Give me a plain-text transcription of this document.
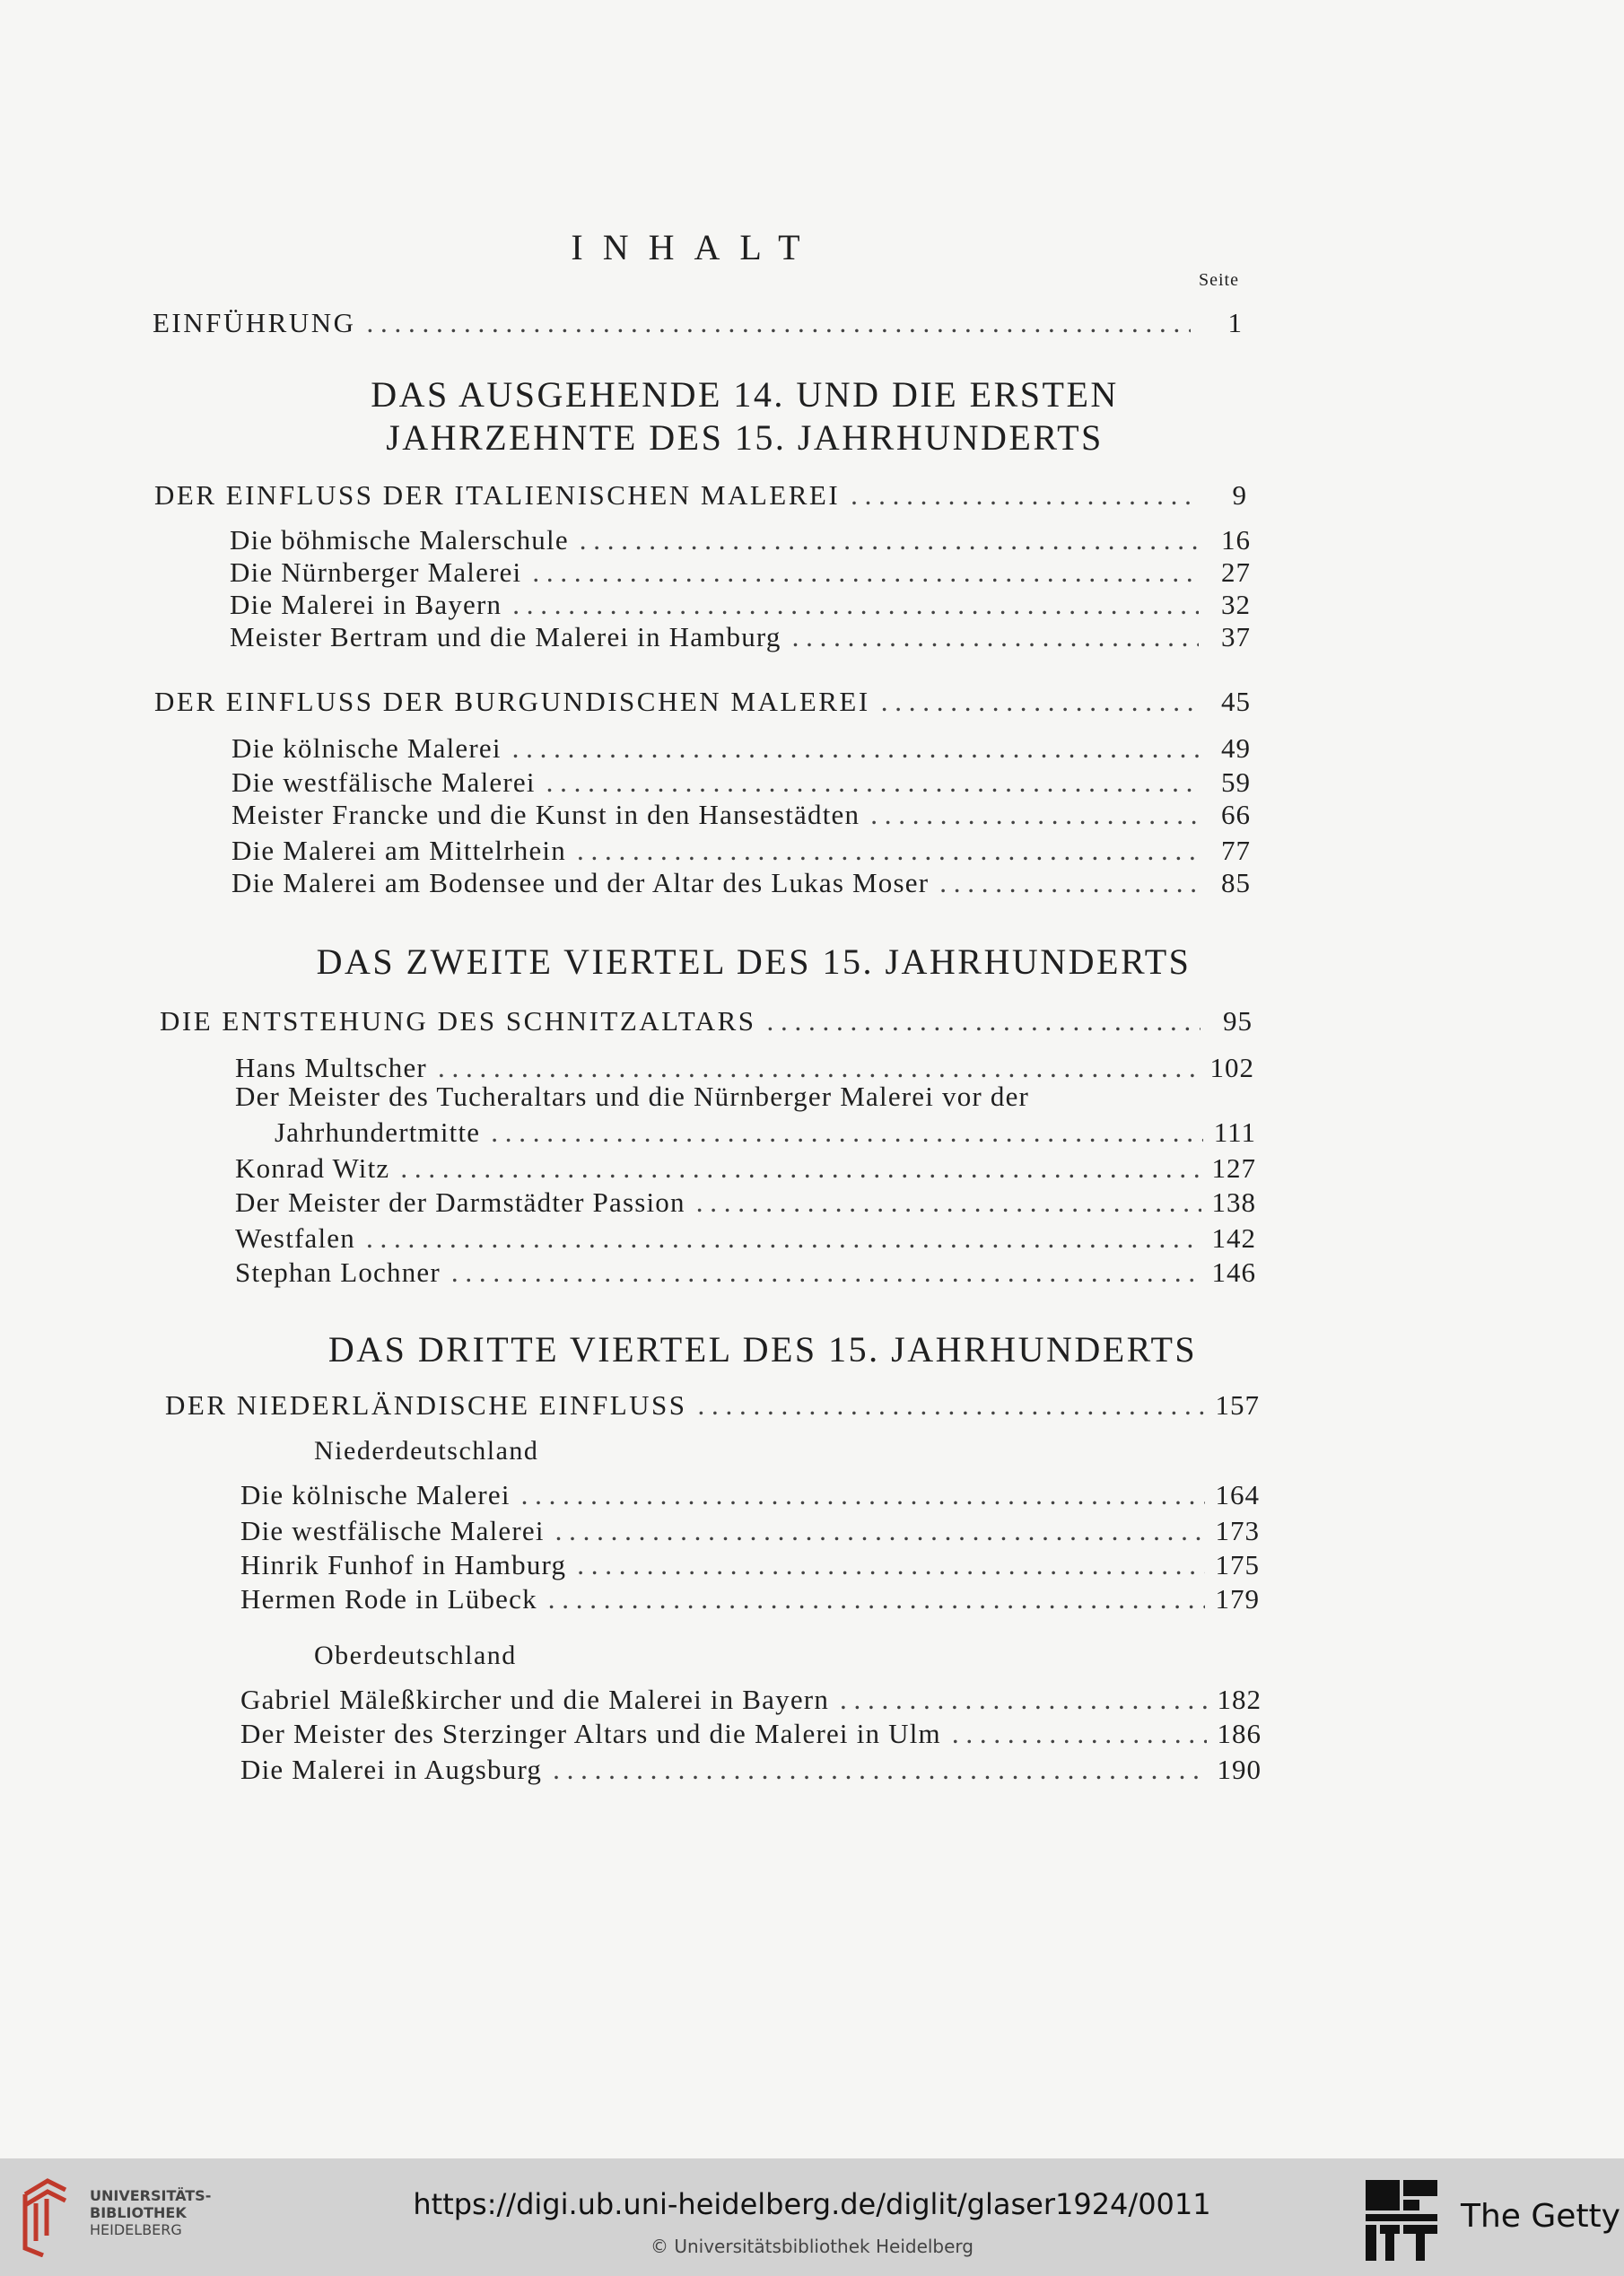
INHALT
Seite
EINFÜHRUNG . . .	1
DAS AUSGEHENDE 14. UND DIE ERSTEN
JAHRZEHNTE DES 15. JAHRHUNDERTS
DER EINFLUSS DER ITALIENISCHEN MALEREI . . .	9
Die böhmische Malerschule . . .	16
Die Nürnberger Malerei . . .	27
Die Malerei in Bayern . . .	32
Meister Bertram und die Malerei in Hamburg . . .	37
DER EINFLUSS DER BURGUNDISCHEN MALEREI . . .	45
Die kölnische Malerei . . .	49
Die westfälische Malerei . . .	59
Meister Francke und die Kunst in den Hansestädten . . .	66
Die Malerei am Mittelrhein . . .	77
Die Malerei am Bodensee und der Altar des Lukas Moser . . .	85
DAS ZWEITE VIERTEL DES 15. JAHRHUNDERTS
DIE ENTSTEHUNG DES SCHNITZALTARS . . .	95
Hans Multscher . . .	102
Der Meister des Tucheraltars und die Nürnberger Malerei vor der
Jahrhundertmitte . . .	111
Konrad Witz . . .	127
Der Meister der Darmstädter Passion . . .	138
Westfalen . . .	142
Stephan Lochner . . .	146
DAS DRITTE VIERTEL DES 15. JAHRHUNDERTS
DER NIEDERLÄNDISCHE EINFLUSS . . .	157
Niederdeutschland
Die kölnische Malerei . . .	164
Die westfälische Malerei . . .	173
Hinrik Funhof in Hamburg . . .	175
Hermen Rode in Lübeck . . .	179
Oberdeutschland
Gabriel Mäleßkircher und die Malerei in Bayern . . .	182
Der Meister des Sterzinger Altars und die Malerei in Ulm . . .	186
Die Malerei in Augsburg . . .	190
UNIVERSITÄTS-
BIBLIOTHEK
HEIDELBERG
https://digi.ub.uni-heidelberg.de/diglit/glaser1924/0011
© Universitätsbibliothek Heidelberg
The Getty
